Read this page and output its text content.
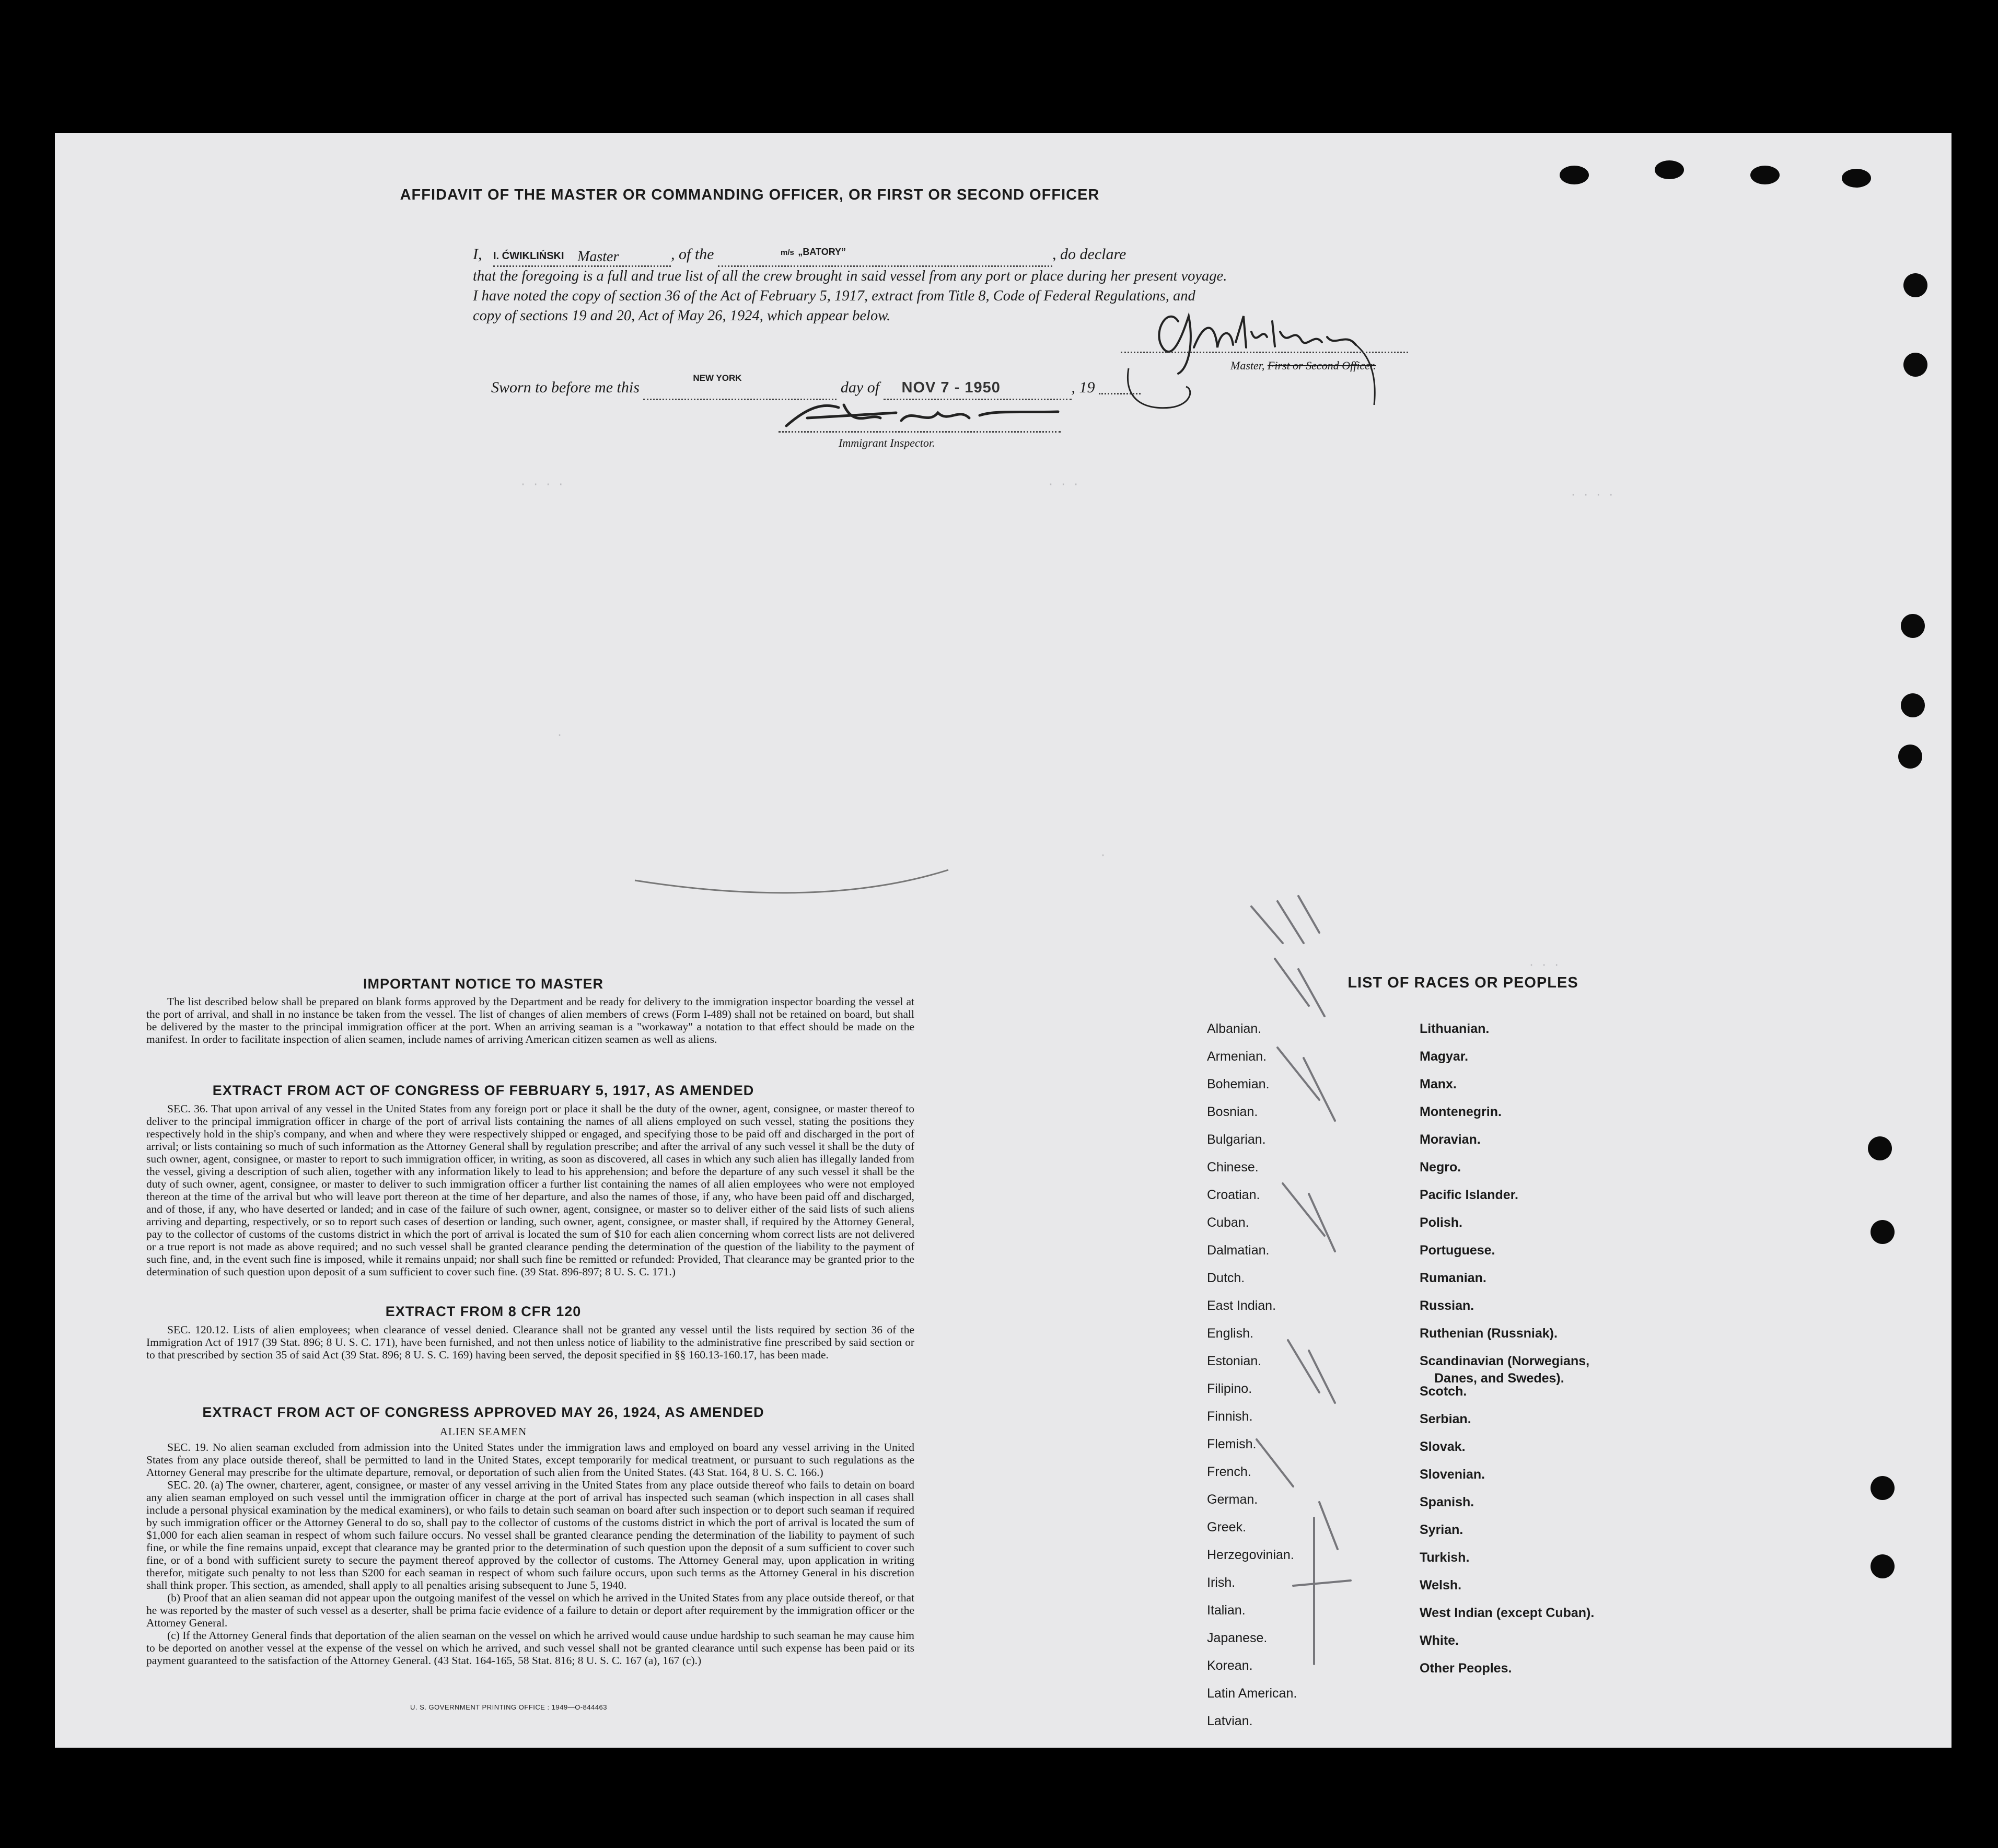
· · · ·	· · ·
· · · ·
·
·
· · ·
AFFIDAVIT OF THE MASTER OR COMMANDING OFFICER, OR FIRST OR SECOND OFFICER
I, I. ĆWIKLIŃSKI Master	, of the	$^{m/s}$ $^{„BATORY”}$	, do declare
that the foregoing is a full and true list of all the crew brought in said vessel from any port or place during her present voyage.
I have noted the copy of section 36 of the Act of February 5, 1917, extract from Title 8, Code of Federal Regulations, and
copy of sections 19 and 20, Act of May 26, 1924, which appear below.
Master, First or Second Officer.
Sworn to before me this $^{NEW YORK}$ day of NOV 7 - 1950	, 19
Immigrant Inspector.
IMPORTANT NOTICE TO MASTER
The list described below shall be prepared on blank forms approved by the Department and be ready for delivery to the immigration inspector boarding the vessel at the port of arrival, and shall in no instance be taken from the vessel. The list of changes of alien members of crews (Form I-489) shall not be retained on board, but shall be delivered by the master to the principal immigration officer at the port. When an arriving seaman is a "workaway" a notation to that effect should be made on the manifest. In order to facilitate inspection of alien seamen, include names of arriving American citizen seamen as well as aliens.
EXTRACT FROM ACT OF CONGRESS OF FEBRUARY 5, 1917, AS AMENDED
SEC. 36. That upon arrival of any vessel in the United States from any foreign port or place it shall be the duty of the owner, agent, consignee, or master thereof to deliver to the principal immigration officer in charge of the port of arrival lists containing the names of all aliens employed on such vessel, stating the positions they respectively hold in the ship's company, and when and where they were respectively shipped or engaged, and specifying those to be paid off and discharged in the port of arrival; or lists containing so much of such information as the Attorney General shall by regulation prescribe; and after the arrival of any such vessel it shall be the duty of such owner, agent, consignee, or master to report to such immigration officer, in writing, as soon as discovered, all cases in which any such alien has illegally landed from the vessel, giving a description of such alien, together with any information likely to lead to his apprehension; and before the departure of any such vessel it shall be the duty of such owner, agent, consignee, or master to deliver to such immigration officer a further list containing the names of all alien employees who were not employed thereon at the time of the arrival but who will leave port thereon at the time of her departure, and also the names of those, if any, who have been paid off and discharged, and of those, if any, who have deserted or landed; and in case of the failure of such owner, agent, consignee, or master so to deliver either of the said lists of such aliens arriving and departing, respectively, or so to report such cases of desertion or landing, such owner, agent, consignee, or master shall, if required by the Attorney General, pay to the collector of customs of the customs district in which the port of arrival is located the sum of $10 for each alien concerning whom correct lists are not delivered or a true report is not made as above required; and no such vessel shall be granted clearance pending the determination of the question of the liability to the payment of such fine, and, in the event such fine is imposed, while it remains unpaid; nor shall such fine be remitted or refunded: Provided, That clearance may be granted prior to the determination of such question upon deposit of a sum sufficient to cover such fine. (39 Stat. 896-897; 8 U. S. C. 171.)
EXTRACT FROM 8 CFR 120
SEC. 120.12. Lists of alien employees; when clearance of vessel denied. Clearance shall not be granted any vessel until the lists required by section 36 of the Immigration Act of 1917 (39 Stat. 896; 8 U. S. C. 171), have been furnished, and not then unless notice of liability to the administrative fine prescribed by said section or to that prescribed by section 35 of said Act (39 Stat. 896; 8 U. S. C. 169) having been served, the deposit specified in §§ 160.13-160.17, has been made.
EXTRACT FROM ACT OF CONGRESS APPROVED MAY 26, 1924, AS AMENDED
ALIEN SEAMEN
SEC. 19. No alien seaman excluded from admission into the United States under the immigration laws and employed on board any vessel arriving in the United States from any place outside thereof, shall be permitted to land in the United States, except temporarily for medical treatment, or pursuant to such regulations as the Attorney General may prescribe for the ultimate departure, removal, or deportation of such alien from the United States. (43 Stat. 164, 8 U. S. C. 166.)
SEC. 20. (a) The owner, charterer, agent, consignee, or master of any vessel arriving in the United States from any place outside thereof who fails to detain on board any alien seaman employed on such vessel until the immigration officer in charge at the port of arrival has inspected such seaman (which inspection in all cases shall include a personal physical examination by the medical examiners), or who fails to detain such seaman on board after such inspection or to deport such seaman if required by such immigration officer or the Attorney General to do so, shall pay to the collector of customs of the customs district in which the port of arrival is located the sum of $1,000 for each alien seaman in respect of whom such failure occurs. No vessel shall be granted clearance pending the determination of the liability to payment of such fine, or while the fine remains unpaid, except that clearance may be granted prior to the determination of such question upon the deposit of a sum sufficient to cover such fine, or of a bond with sufficient surety to secure the payment thereof approved by the collector of customs. The Attorney General may, upon application in writing therefor, mitigate such penalty to not less than $200 for each seaman in respect of whom such failure occurs, upon such terms as the Attorney General in his discretion shall think proper. This section, as amended, shall apply to all penalties arising subsequent to June 5, 1940.
(b) Proof that an alien seaman did not appear upon the outgoing manifest of the vessel on which he arrived in the United States from any place outside thereof, or that he was reported by the master of such vessel as a deserter, shall be prima facie evidence of a failure to detain or deport after requirement by the immigration officer or the Attorney General.
(c) If the Attorney General finds that deportation of the alien seaman on the vessel on which he arrived would cause undue hardship to such seaman he may cause him to be deported on another vessel at the expense of the vessel on which he arrived, and such vessel shall not be granted clearance until such expense has been paid or its payment guaranteed to the satisfaction of the Attorney General. (43 Stat. 164-165, 58 Stat. 816; 8 U. S. C. 167 (a), 167 (c).)
U. S. GOVERNMENT PRINTING OFFICE : 1949—O-844463
LIST OF RACES OR PEOPLES
Albanian.
Armenian.
Bohemian.
Bosnian.
Bulgarian.
Chinese.
Croatian.
Cuban.
Dalmatian.
Dutch.
East Indian.
English.
Estonian.
Filipino.
Finnish.
Flemish.
French.
German.
Greek.
Herzegovinian.
Irish.
Italian.
Japanese.
Korean.
Latin American.
Latvian.
Lithuanian.
Magyar.
Manx.
Montenegrin.
Moravian.
Negro.
Pacific Islander.
Polish.
Portuguese.
Rumanian.
Russian.
Ruthenian (Russniak).
Scandinavian (Norwegians,
Danes, and Swedes).
Scotch.
Serbian.
Slovak.
Slovenian.
Spanish.
Syrian.
Turkish.
Welsh.
West Indian (except Cuban).
White.
Other Peoples.
